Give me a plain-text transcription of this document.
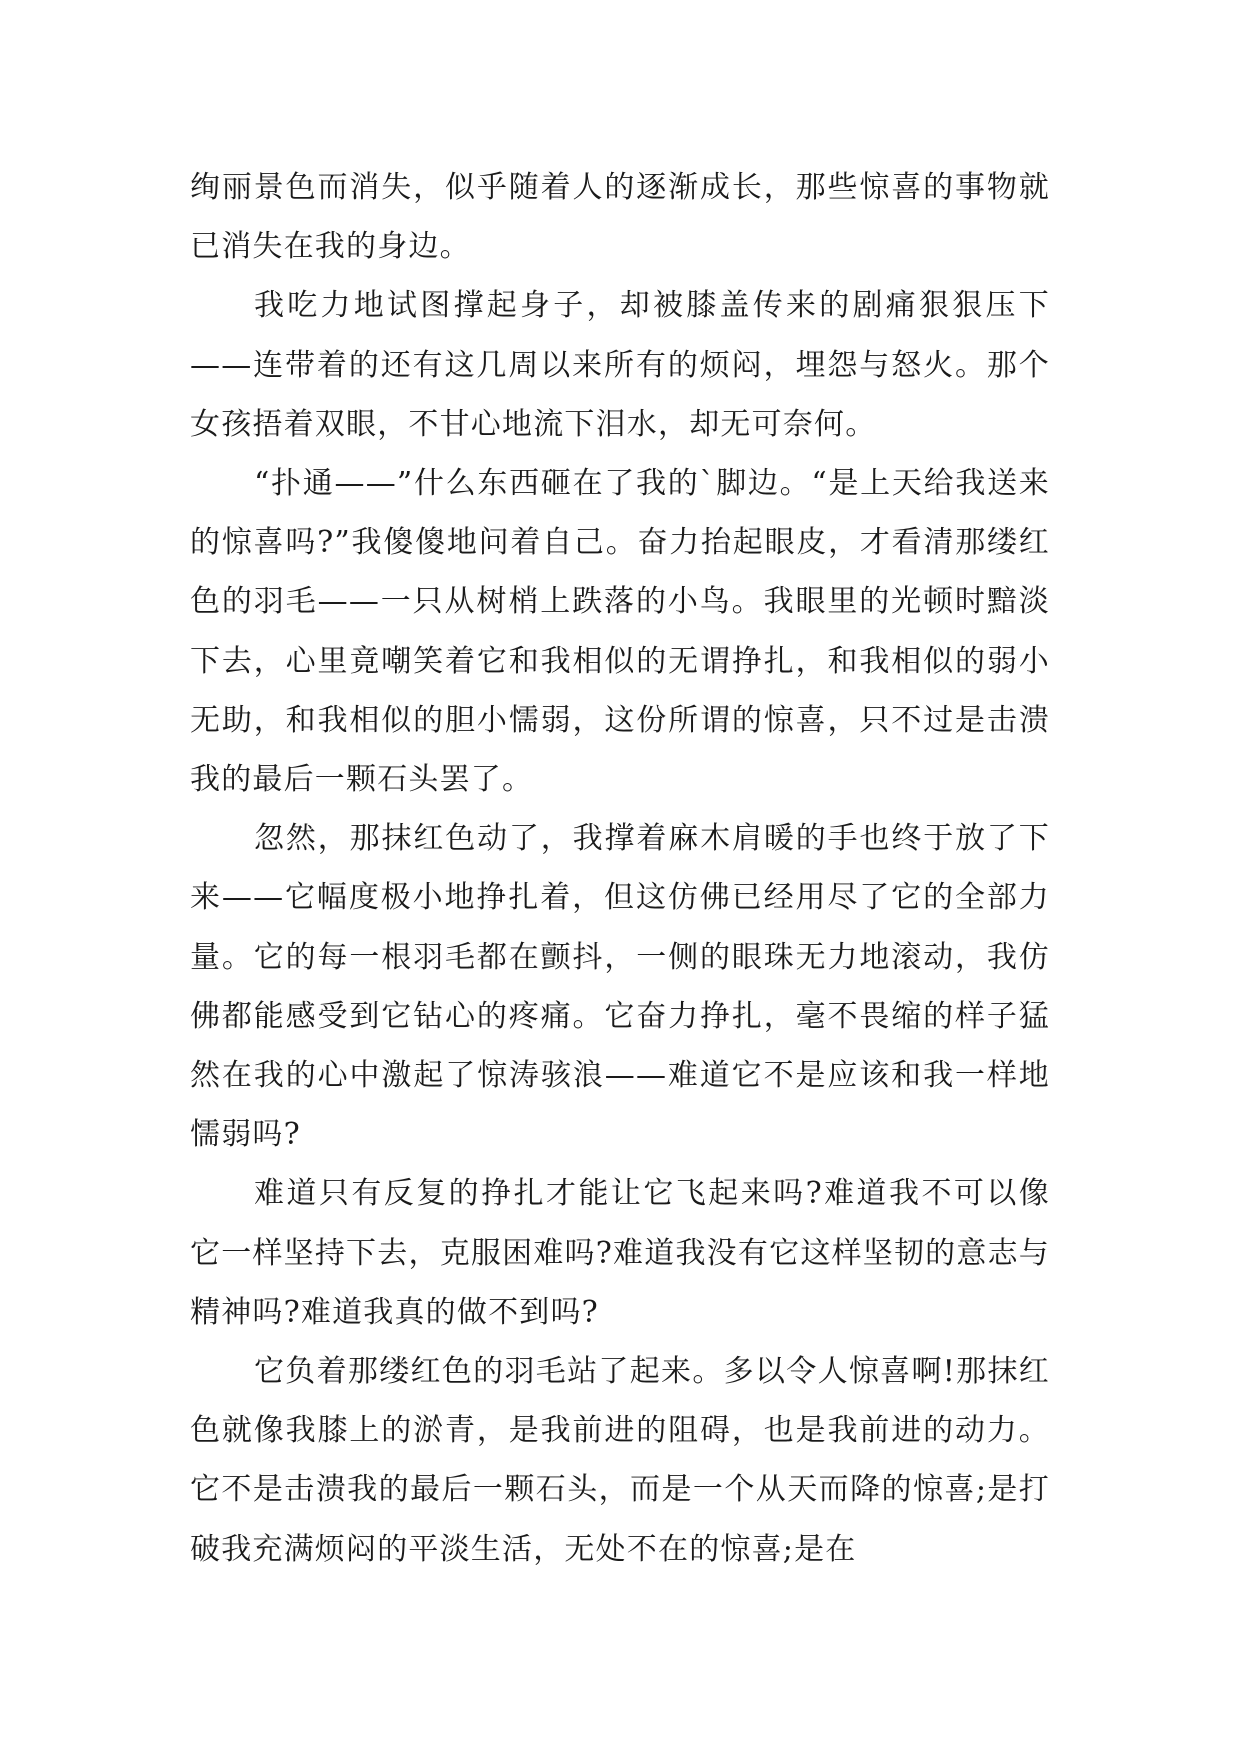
绚丽景色而消失，似乎随着人的逐渐成长，那些惊喜的事物就已消失在我的身边。

我吃力地试图撑起身子，却被膝盖传来的剧痛狠狠压下——连带着的还有这几周以来所有的烦闷，埋怨与怒火。那个女孩捂着双眼，不甘心地流下泪水，却无可奈何。

“扑通——”什么东西砸在了我的`脚边。“是上天给我送来的惊喜吗?”我傻傻地问着自己。奋力抬起眼皮，才看清那缕红色的羽毛——一只从树梢上跌落的小鸟。我眼里的光顿时黯淡下去，心里竟嘲笑着它和我相似的无谓挣扎，和我相似的弱小无助，和我相似的胆小懦弱，这份所谓的惊喜，只不过是击溃我的最后一颗石头罢了。

忽然，那抹红色动了，我撑着麻木肩暖的手也终于放了下来——它幅度极小地挣扎着，但这仿佛已经用尽了它的全部力量。它的每一根羽毛都在颤抖，一侧的眼珠无力地滚动，我仿佛都能感受到它钻心的疼痛。它奋力挣扎，毫不畏缩的样子猛然在我的心中激起了惊涛骇浪——难道它不是应该和我一样地懦弱吗?

难道只有反复的挣扎才能让它飞起来吗?难道我不可以像它一样坚持下去，克服困难吗?难道我没有它这样坚韧的意志与精神吗?难道我真的做不到吗?

它负着那缕红色的羽毛站了起来。多以令人惊喜啊!那抹红色就像我膝上的淤青，是我前进的阻碍，也是我前进的动力。它不是击溃我的最后一颗石头，而是一个从天而降的惊喜;是打破我充满烦闷的平淡生活，无处不在的惊喜;是在
